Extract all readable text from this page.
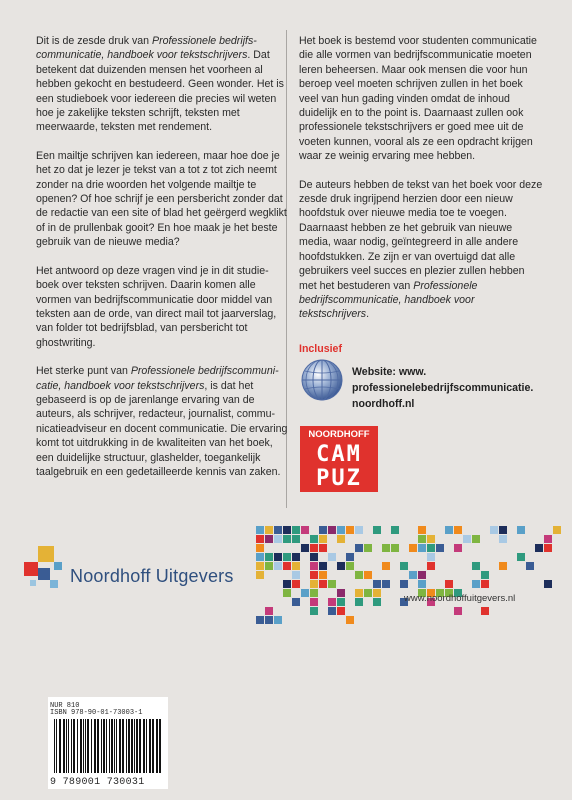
Dit is de zesde druk van Professionele bedrijfscommunicatie, handboek voor tekstschrijvers. Dat betekent dat duizenden mensen het voorheen al hebben gekocht en bestudeerd. Geen wonder. Het is een studieboek voor iedereen die precies wil weten hoe je zakelijke teksten schrijft, teksten met meerwaarde, teksten met rendement.

Een mailtje schrijven kan iedereen, maar hoe doe je het zo dat je lezer je tekst van a tot z tot zich neemt zonder na drie woorden het volgende mailtje te openen? Of hoe schrijf je een persbericht zonder dat de redactie van een site of blad het geërgerd wegklikt of in de prullenbak gooit? En hoe maak je het beste gebruik van de nieuwe media?

Het antwoord op deze vragen vind je in dit studieboek over teksten schrijven. Daarin komen alle vormen van bedrijfscommunicatie door middel van teksten aan de orde, van direct mail tot jaarverslag, van folder tot bedrijfsblad, van persbericht tot ghostwriting.

Het sterke punt van Professionele bedrijfscommunicatie, handboek voor tekstschrijvers, is dat het gebaseerd is op de jarenlange ervaring van de auteurs, als schrijver, redacteur, journalist, communicatieadviseur en docent communicatie. Die ervaring komt tot uitdrukking in de kwaliteiten van het boek, een duidelijke structuur, glashelder, toegankelijk taalgebruik en een gedetailleerde kennis van zaken.

Het boek is bestemd voor studenten communicatie die alle vormen van bedrijfscommunicatie moeten leren beheersen. Maar ook mensen die voor hun beroep veel moeten schrijven zullen in het boek veel van hun gading vinden omdat de inhoud duidelijk en to the point is. Daarnaast zullen ook professionele tekstschrijvers er goed mee uit de voeten kunnen, vooral als ze een opdracht krijgen waar ze weinig ervaring mee hebben.

De auteurs hebben de tekst van het boek voor deze zesde druk ingrijpend herzien door een nieuw hoofdstuk over nieuwe media toe te voegen. Daarnaast hebben ze het gebruik van nieuwe media, waar nodig, geïntegreerd in alle andere hoofdstukken. Ze zijn er van overtuigd dat alle gebruikers veel succes en plezier zullen hebben met het bestuderen van Professionele bedrijfscommunicatie, handboek voor tekstschrijvers.

Inclusief
Website: www.
professionelebedrijfscommunicatie.
noordhoff.nl
NOORDHOFF
CAM
PUZ
Noordhoff Uitgevers
www.noordhoffuitgevers.nl
NUR 810
ISBN 978-90-01-73003-1
9 789001 730031
